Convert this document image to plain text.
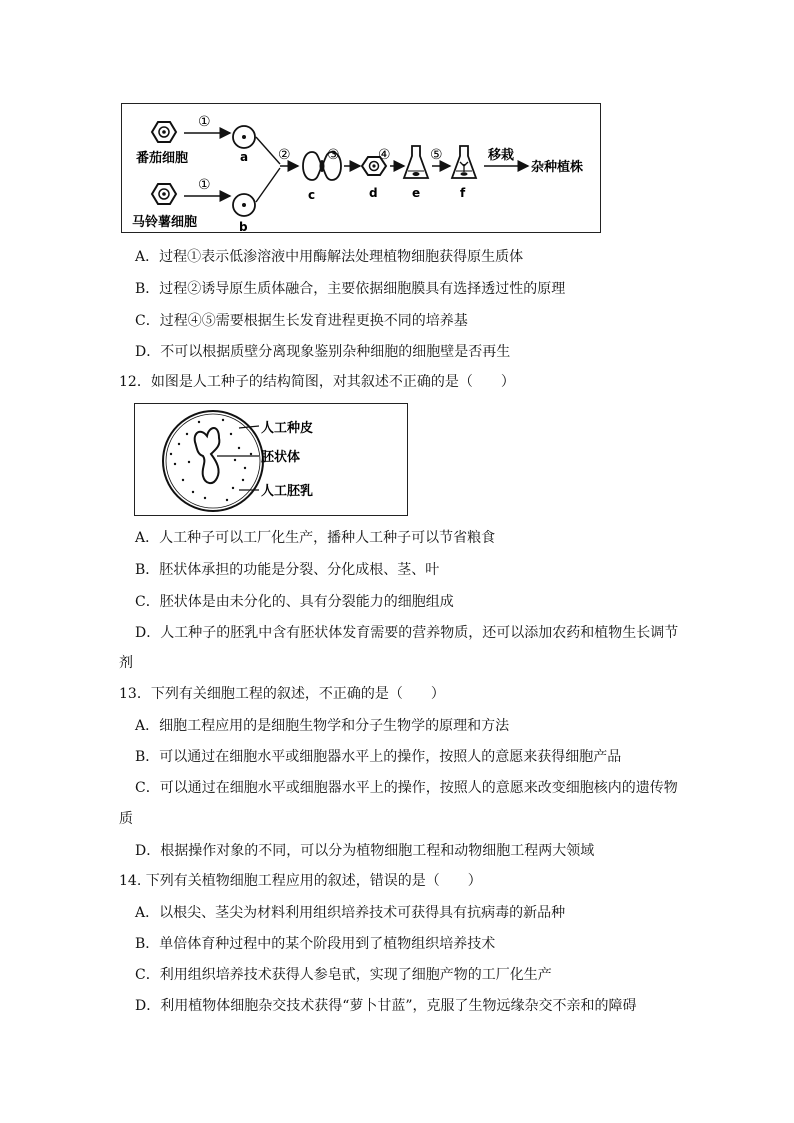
番茄细胞
①
a
马铃薯细胞
①
b
②
c
③
d
④
e
⑤
f
移栽
杂种植株
A．过程①表示低渗溶液中用酶解法处理植物细胞获得原生质体
B．过程②诱导原生质体融合，主要依据细胞膜具有选择透过性的原理
C．过程④⑤需要根据生长发育进程更换不同的培养基
D．不可以根据质壁分离现象鉴别杂种细胞的细胞壁是否再生
12．如图是人工种子的结构简图，对其叙述不正确的是（　　）
人工种皮
胚状体
人工胚乳
A．人工种子可以工厂化生产，播种人工种子可以节省粮食
B．胚状体承担的功能是分裂、分化成根、茎、叶
C．胚状体是由未分化的、具有分裂能力的细胞组成
D．人工种子的胚乳中含有胚状体发育需要的营养物质，还可以添加农药和植物生长调节
剂
13．下列有关细胞工程的叙述，不正确的是（　　）
A．细胞工程应用的是细胞生物学和分子生物学的原理和方法
B．可以通过在细胞水平或细胞器水平上的操作，按照人的意愿来获得细胞产品
C．可以通过在细胞水平或细胞器水平上的操作，按照人的意愿来改变细胞核内的遗传物
质
D．根据操作对象的不同，可以分为植物细胞工程和动物细胞工程两大领域
14. 下列有关植物细胞工程应用的叙述，错误的是（　　）
A．以根尖、茎尖为材料利用组织培养技术可获得具有抗病毒的新品种
B．单倍体育种过程中的某个阶段用到了植物组织培养技术
C．利用组织培养技术获得人参皂甙，实现了细胞产物的工厂化生产
D．利用植物体细胞杂交技术获得“萝卜甘蓝”，克服了生物远缘杂交不亲和的障碍
